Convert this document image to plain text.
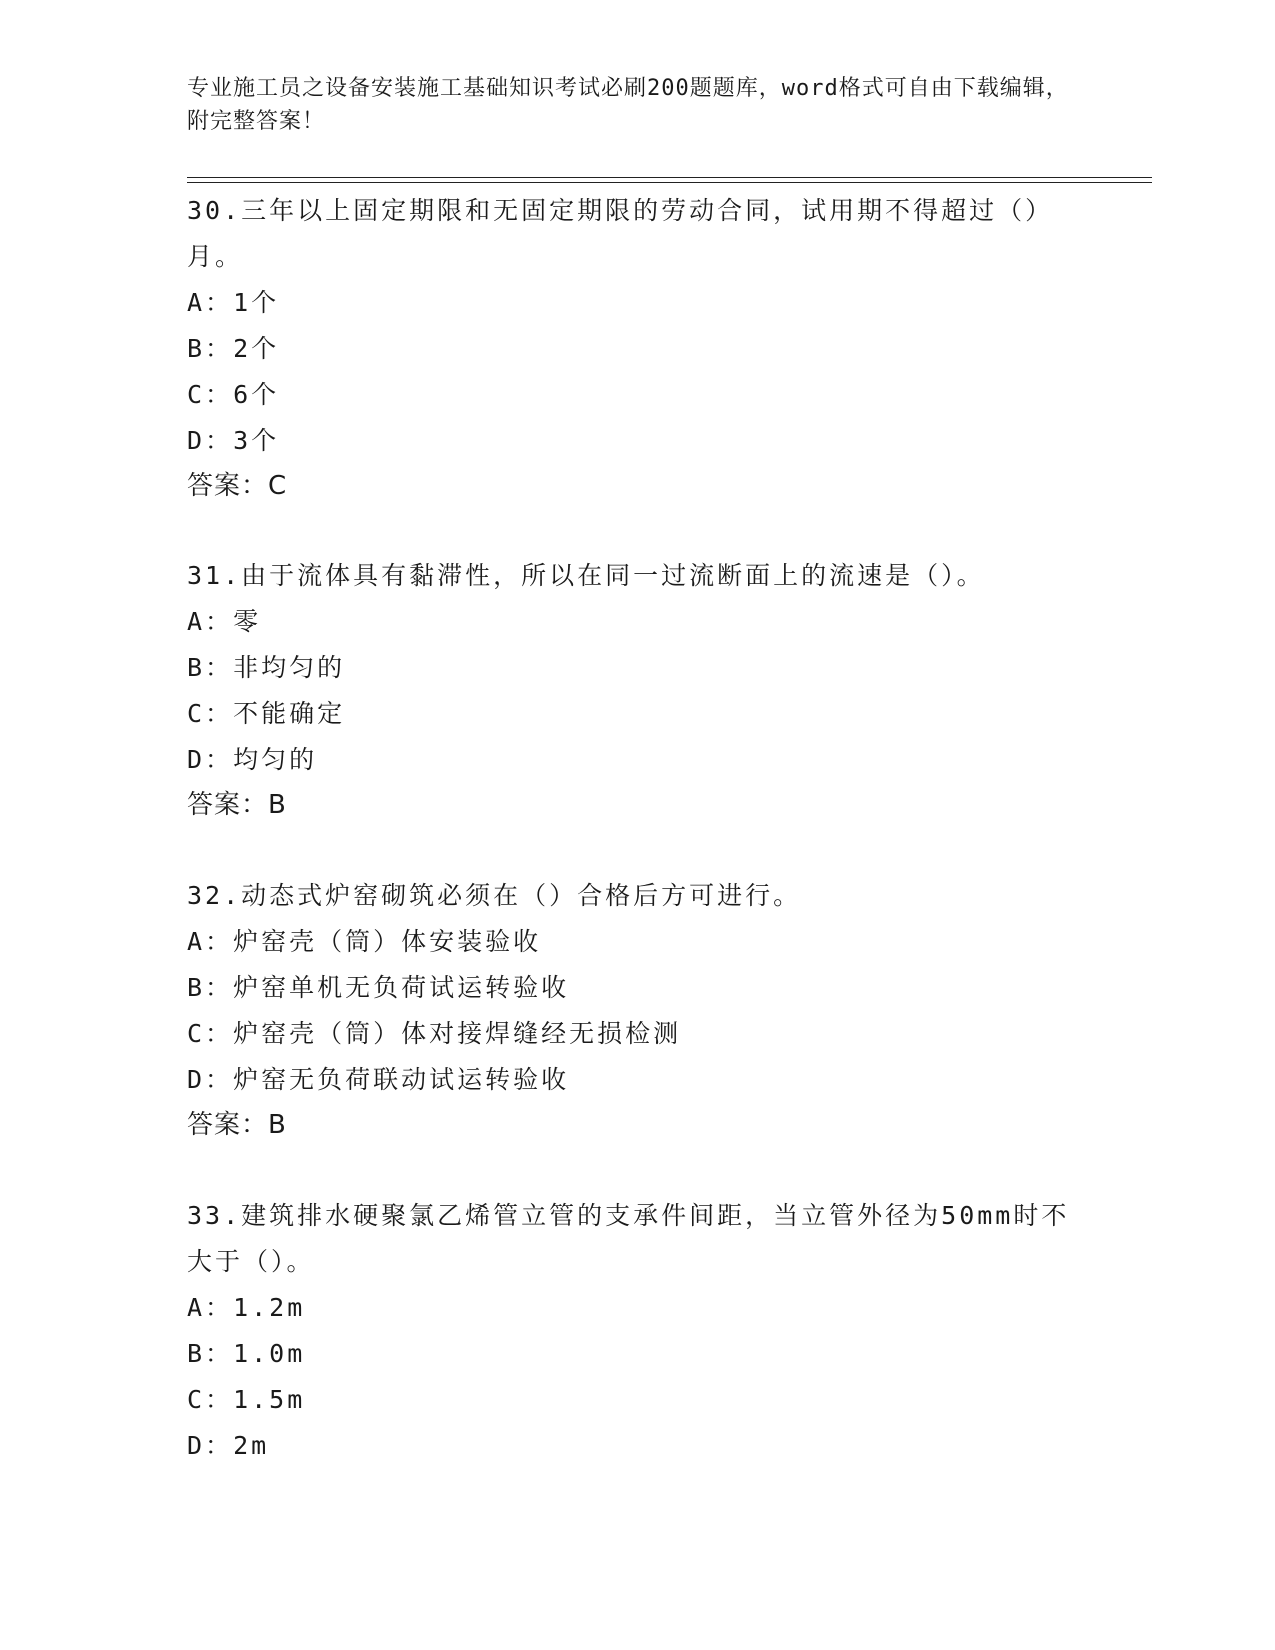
专业施工员之设备安装施工基础知识考试必刷200题题库，word格式可自由下载编辑，附完整答案！

30.三年以上固定期限和无固定期限的劳动合同，试用期不得超过（）月。

A：1个

B：2个

C：6个

D：3个

答案：C

31.由于流体具有黏滞性，所以在同一过流断面上的流速是（）。

A：零

B：非均匀的

C：不能确定

D：均匀的

答案：B

32.动态式炉窑砌筑必须在（）合格后方可进行。

A：炉窑壳（筒）体安装验收

B：炉窑单机无负荷试运转验收

C：炉窑壳（筒）体对接焊缝经无损检测

D：炉窑无负荷联动试运转验收

答案：B

33.建筑排水硬聚氯乙烯管立管的支承件间距，当立管外径为50mm时不大于（）。

A：1.2m

B：1.0m

C：1.5m

D：2m
